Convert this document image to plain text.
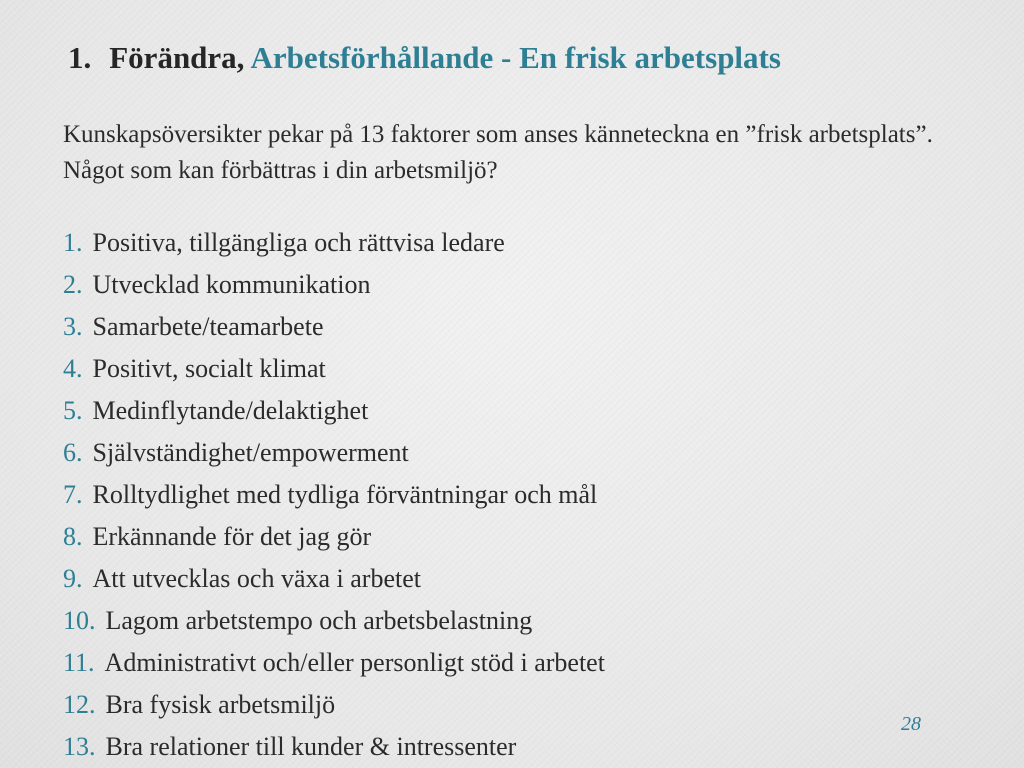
1. Förändra, Arbetsförhållande - En frisk arbetsplats

Kunskapsöversikter pekar på 13 faktorer som anses känneteckna en ”frisk arbetsplats”. Något som kan förbättras i din arbetsmiljö?

1. Positiva, tillgängliga och rättvisa ledare
2. Utvecklad kommunikation
3. Samarbete/teamarbete
4. Positivt, socialt klimat
5. Medinflytande/delaktighet
6. Självständighet/empowerment
7. Rolltydlighet med tydliga förväntningar och mål
8. Erkännande för det jag gör
9. Att utvecklas och växa i arbetet
10. Lagom arbetstempo och arbetsbelastning
11. Administrativt och/eller personligt stöd i arbetet
12. Bra fysisk arbetsmiljö
13. Bra relationer till kunder & intressenter
28
